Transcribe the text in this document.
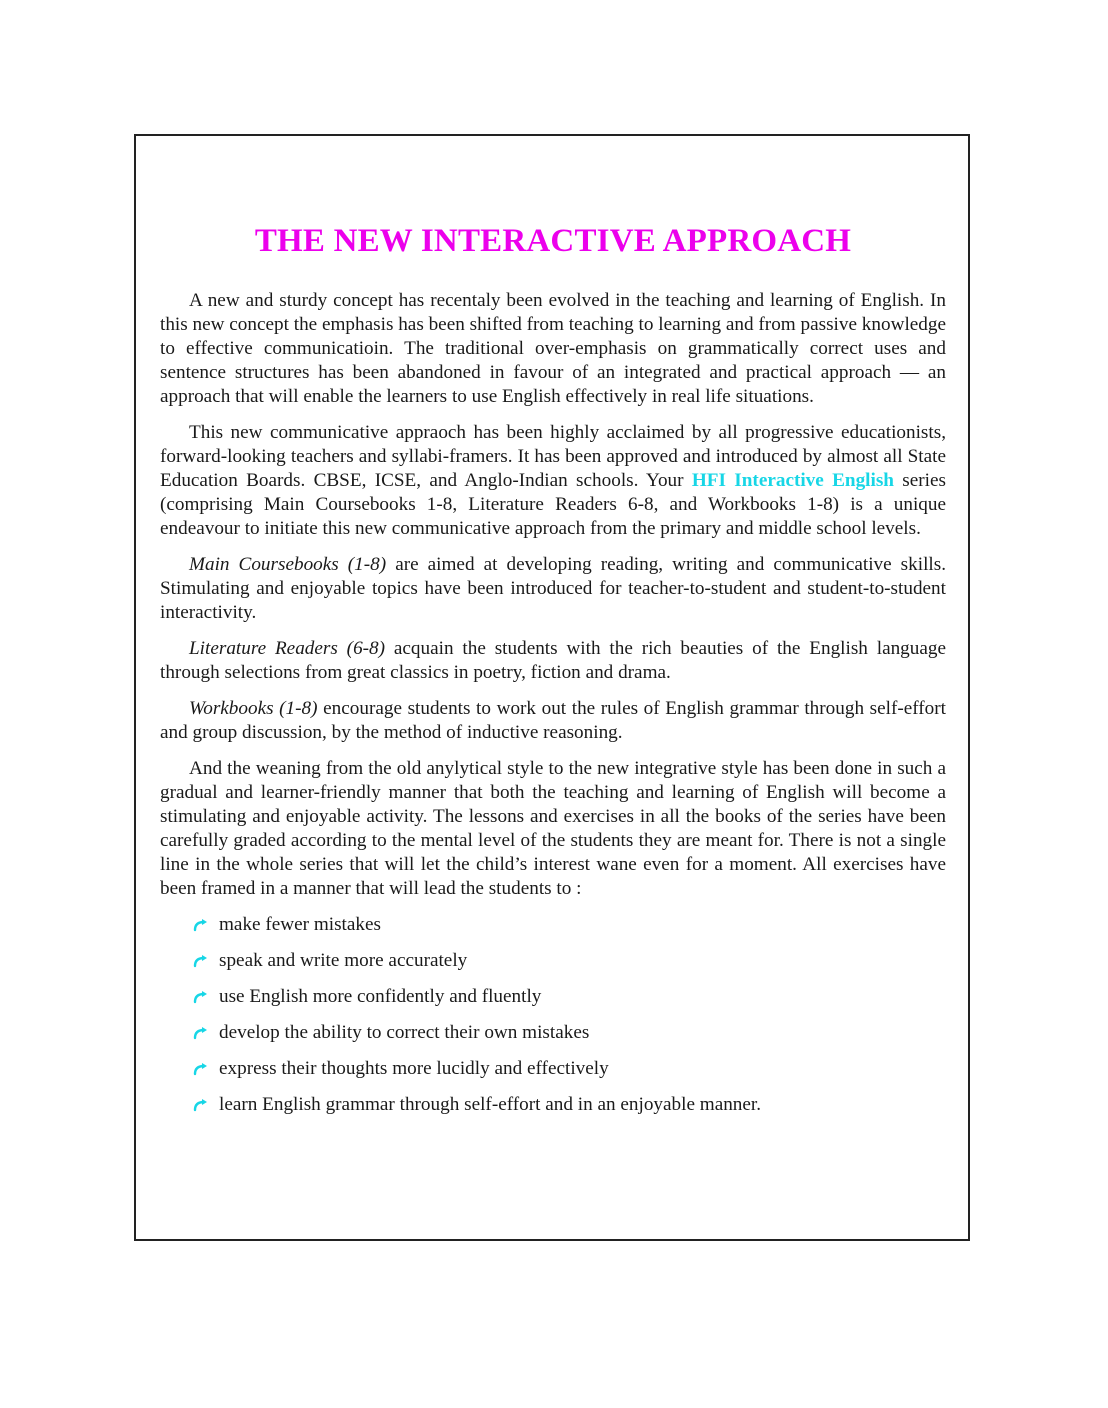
THE NEW INTERACTIVE APPROACH

A new and sturdy concept has recentaly been evolved in the teaching and learning of English. In this new concept the emphasis has been shifted from teaching to learning and from passive knowledge to effective communicatioin. The traditional over-emphasis on grammatically correct uses and sentence structures has been abandoned in favour of an integrated and practical approach — an approach that will enable the learners to use English effectively in real life situations.

This new communicative appraoch has been highly acclaimed by all progressive educationists, forward-looking teachers and syllabi-framers. It has been approved and introduced by almost all State Education Boards. CBSE, ICSE, and Anglo-Indian schools. Your HFI Interactive English series (comprising Main Coursebooks 1-8, Literature Readers 6-8, and Workbooks 1-8) is a unique endeavour to initiate this new communicative approach from the primary and middle school levels.

Main Coursebooks (1-8) are aimed at developing reading, writing and communicative skills. Stimulating and enjoyable topics have been introduced for teacher-to-student and student-to-student interactivity.

Literature Readers (6-8) acquain the students with the rich beauties of the English language through selections from great classics in poetry, fiction and drama.

Workbooks (1-8) encourage students to work out the rules of English grammar through self-effort and group discussion, by the method of inductive reasoning.

And the weaning from the old anylytical style to the new integrative style has been done in such a gradual and learner-friendly manner that both the teaching and learning of English will become a stimulating and enjoyable activity. The lessons and exercises in all the books of the series have been carefully graded according to the mental level of the students they are meant for. There is not a single line in the whole series that will let the child’s interest wane even for a moment. All exercises have been framed in a manner that will lead the students to :

make fewer mistakes
speak and write more accurately
use English more confidently and fluently
develop the ability to correct their own mistakes
express their thoughts more lucidly and effectively
learn English grammar through self-effort and in an enjoyable manner.
